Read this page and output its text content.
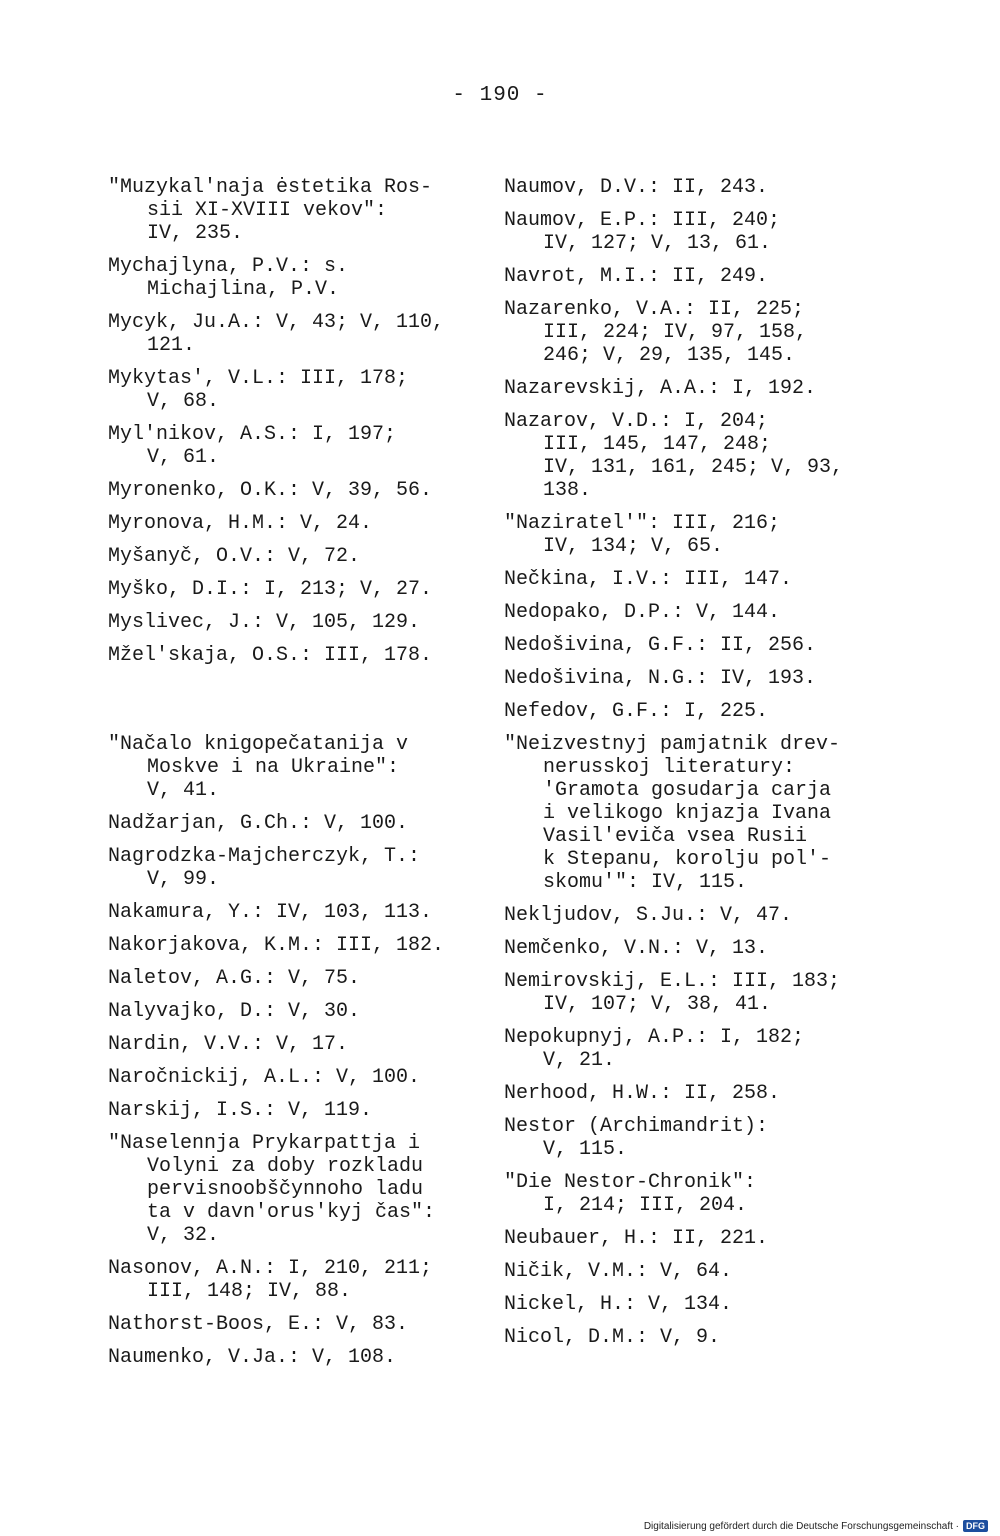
- 190 -
"Muzykal'naja ėstetika Ros-
sii XI-XVIII vekov":
IV, 235.
Mychajlyna, P.V.: s.
Michajlina, P.V.
Mycyk, Ju.A.: V, 43; V, 110,
121.
Mykytas', V.L.: III, 178;
V, 68.
Myl'nikov, A.S.: I, 197;
V, 61.
Myronenko, O.K.: V, 39, 56.
Myronova, H.M.: V, 24.
Myšanyč, O.V.: V, 72.
Myško, D.I.: I, 213; V, 27.
Myslivec, J.: V, 105, 129.
Mžel'skaja, O.S.: III, 178.
"Načalo knigopečatanija v
Moskve i na Ukraine":
V, 41.
Nadžarjan, G.Ch.: V, 100.
Nagrodzka-Majcherczyk, T.:
V, 99.
Nakamura, Y.: IV, 103, 113.
Nakorjakova, K.M.: III, 182.
Naletov, A.G.: V, 75.
Nalyvajko, D.: V, 30.
Nardin, V.V.: V, 17.
Naročnickij, A.L.: V, 100.
Narskij, I.S.: V, 119.
"Naselennja Prykarpattja i
Volyni za doby rozkladu
pervisnoobščynnoho ladu
ta v davn'orus'kyj čas":
V, 32.
Nasonov, A.N.: I, 210, 211;
III, 148; IV, 88.
Nathorst-Boos, E.: V, 83.
Naumenko, V.Ja.: V, 108.
Naumov, D.V.: II, 243.
Naumov, E.P.: III, 240;
IV, 127; V, 13, 61.
Navrot, M.I.: II, 249.
Nazarenko, V.A.: II, 225;
III, 224; IV, 97, 158,
246; V, 29, 135, 145.
Nazarevskij, A.A.: I, 192.
Nazarov, V.D.: I, 204;
III, 145, 147, 248;
IV, 131, 161, 245; V, 93,
138.
"Naziratel'": III, 216;
IV, 134; V, 65.
Nečkina, I.V.: III, 147.
Nedopako, D.P.: V, 144.
Nedošivina, G.F.: II, 256.
Nedošivina, N.G.: IV, 193.
Nefedov, G.F.: I, 225.
"Neizvestnyj pamjatnik drev-
nerusskoj literatury:
'Gramota gosudarja carja
i velikogo knjazja Ivana
Vasil'eviča vsea Rusii
k Stepanu, korolju pol'-
skomu'": IV, 115.
Nekljudov, S.Ju.: V, 47.
Nemčenko, V.N.: V, 13.
Nemirovskij, E.L.: III, 183;
IV, 107; V, 38, 41.
Nepokupnyj, A.P.: I, 182;
V, 21.
Nerhood, H.W.: II, 258.
Nestor (Archimandrit):
V, 115.
"Die Nestor-Chronik":
I, 214; III, 204.
Neubauer, H.: II, 221.
Ničik, V.M.: V, 64.
Nickel, H.: V, 134.
Nicol, D.M.: V, 9.
Digitalisierung gefördert durch die Deutsche Forschungsgemeinschaft · DFG
